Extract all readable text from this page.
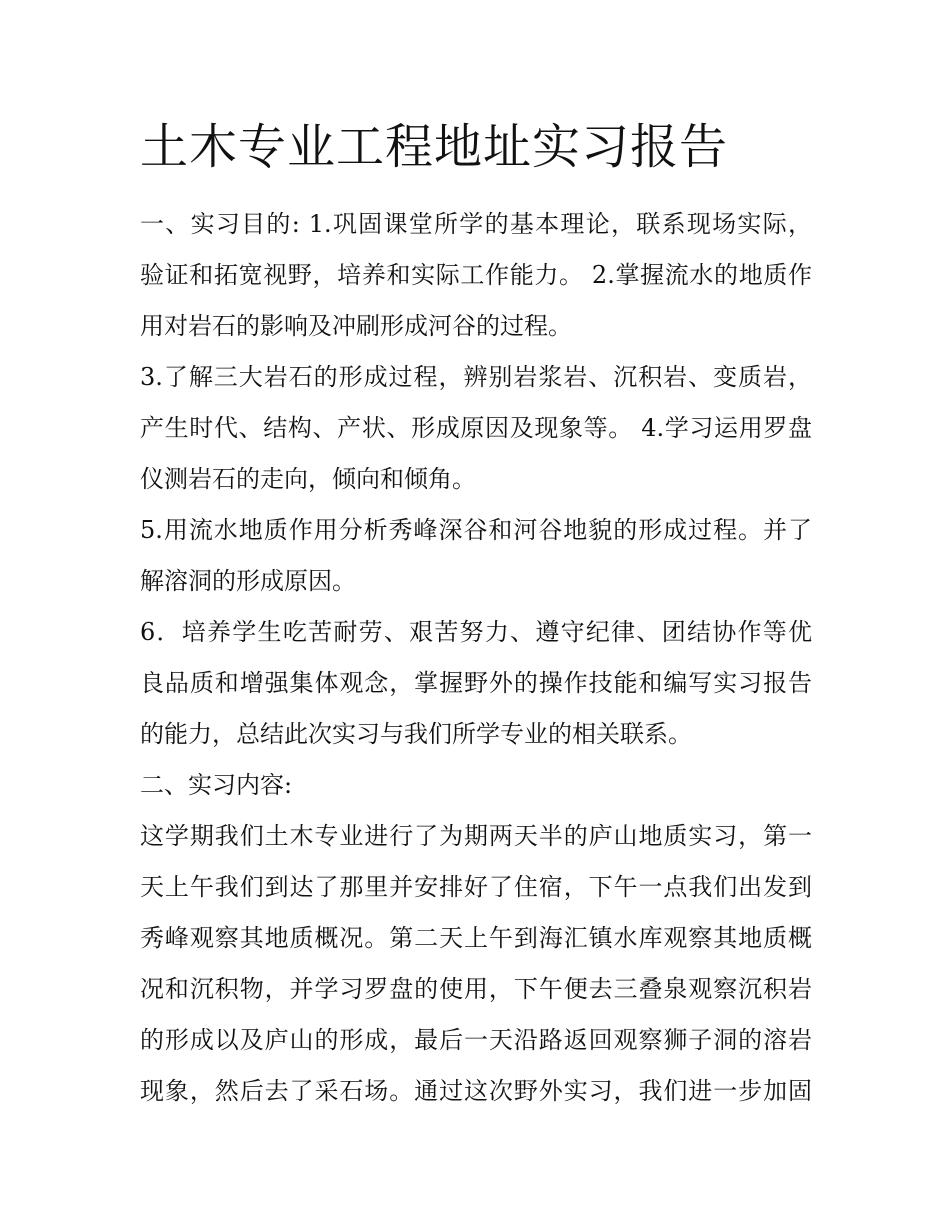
土木专业工程地址实习报告
一、实习目的: 1.巩固课堂所学的基本理论，联系现场实际，
验证和拓宽视野，培养和实际工作能力。 2.掌握流水的地质作
用对岩石的影响及冲刷形成河谷的过程。
3.了解三大岩石的形成过程，辨别岩浆岩、沉积岩、变质岩，
产生时代、结构、产状、形成原因及现象等。 4.学习运用罗盘
仪测岩石的走向，倾向和倾角。
5.用流水地质作用分析秀峰深谷和河谷地貌的形成过程。并了
解溶洞的形成原因。
6．培养学生吃苦耐劳、艰苦努力、遵守纪律、团结协作等优
良品质和增强集体观念，掌握野外的操作技能和编写实习报告
的能力，总结此次实习与我们所学专业的相关联系。
二、实习内容:
这学期我们土木专业进行了为期两天半的庐山地质实习，第一
天上午我们到达了那里并安排好了住宿，下午一点我们出发到
秀峰观察其地质概况。第二天上午到海汇镇水库观察其地质概
况和沉积物，并学习罗盘的使用，下午便去三叠泉观察沉积岩
的形成以及庐山的形成，最后一天沿路返回观察狮子洞的溶岩
现象，然后去了采石场。通过这次野外实习，我们进一步加固
